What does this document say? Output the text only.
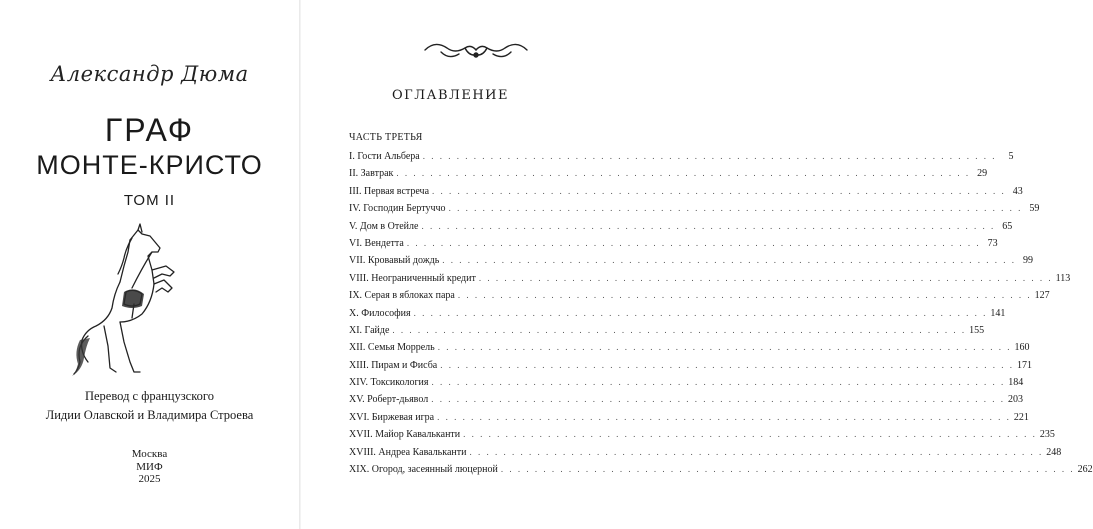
Александр Дюма
ГРАФ
МОНТЕ-КРИСТО
ТОМ II
Перевод с французского
Лидии Олавской и Владимира Строева
Москва
МИФ
2025
ОГЛАВЛЕНИЕ
ЧАСТЬ ТРЕТЬЯ
I. Гости Альбера . . .	5
II. Завтрак . . .	29
III. Первая встреча . . .	43
IV. Господин Бертуччо . . .	59
V. Дом в Отейле . . .	65
VI. Вендетта . . .	73
VII. Кровавый дождь . . .	99
VIII. Неограниченный кредит . . .	113
IX. Серая в яблоках пара . . .	127
X. Философия . . .	141
XI. Гайде . . .	155
XII. Семья Моррель . . .	160
XIII. Пирам и Фисба . . .	171
XIV. Токсикология . . .	184
XV. Роберт-дьявол . . .	203
XVI. Биржевая игра . . .	221
XVII. Майор Кавальканти . . .	235
XVIII. Андреа Кавальканти . . .	248
XIX. Огород, засеянный люцерной . . .	262
